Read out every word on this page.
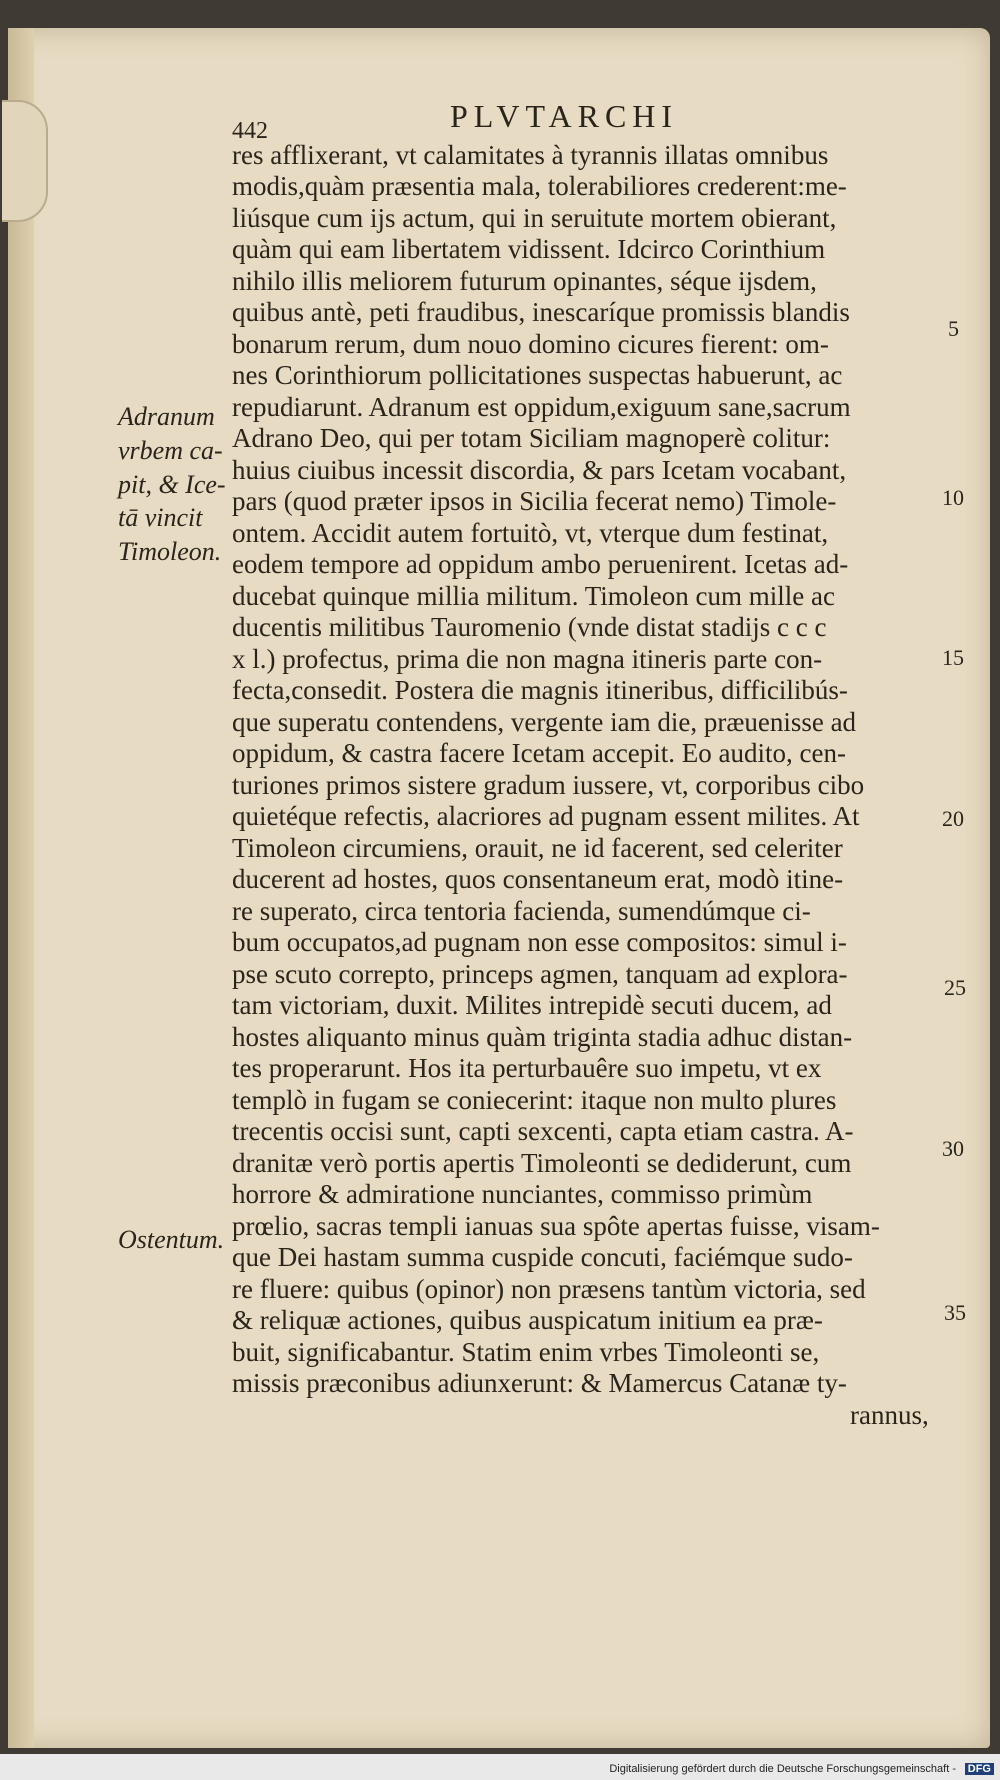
442	PLVTARCHI
res afflixerant, vt calamitates à tyrannis illatas omnibus
modis,quàm præsentia mala, tolerabiliores crederent:me-
liúsque cum ijs actum, qui in seruitute mortem obierant,
quàm qui eam libertatem vidissent. Idcirco Corinthium
nihilo illis meliorem futurum opinantes, séque ijsdem,
quibus antè, peti fraudibus, inescaríque promissis blandis
bonarum rerum, dum nouo domino cicures fierent: om-
nes Corinthiorum pollicitationes suspectas habuerunt, ac
repudiarunt. Adranum est oppidum,exiguum sane,sacrum
Adrano Deo, qui per totam Siciliam magnoperè colitur:
huius ciuibus incessit discordia, & pars Icetam vocabant,
pars (quod præter ipsos in Sicilia fecerat nemo) Timole-
ontem. Accidit autem fortuitò, vt, vterque dum festinat,
eodem tempore ad oppidum ambo peruenirent. Icetas ad-
ducebat quinque millia militum. Timoleon cum mille ac
ducentis militibus Tauromenio (vnde distat stadijs c c c
x l.) profectus, prima die non magna itineris parte con-
fecta,consedit. Postera die magnis itineribus, difficilibús-
que superatu contendens, vergente iam die, præuenisse ad
oppidum, & castra facere Icetam accepit. Eo audito, cen-
turiones primos sistere gradum iussere, vt, corporibus cibo
quietéque refectis, alacriores ad pugnam essent milites. At
Timoleon circumiens, orauit, ne id facerent, sed celeriter
ducerent ad hostes, quos consentaneum erat, modò itine-
re superato, circa tentoria facienda, sumendúmque ci-
bum occupatos,ad pugnam non esse compositos: simul i-
pse scuto correpto, princeps agmen, tanquam ad explora-
tam victoriam, duxit. Milites intrepidè secuti ducem, ad
hostes aliquanto minus quàm triginta stadia adhuc distan-
tes properarunt. Hos ita perturbauêre suo impetu, vt ex
templò in fugam se coniecerint: itaque non multo plures
trecentis occisi sunt, capti sexcenti, capta etiam castra. A-
dranitæ verò portis apertis Timoleonti se dediderunt, cum
horrore & admiratione nunciantes, commisso primùm
prœlio, sacras templi ianuas sua spôte apertas fuisse, visam-
que Dei hastam summa cuspide concuti, faciémque sudo-
re fluere: quibus (opinor) non præsens tantùm victoria, sed
& reliquæ actiones, quibus auspicatum initium ea præ-
buit, significabantur. Statim enim vrbes Timoleonti se,
missis præconibus adiunxerunt: & Mamercus Catanæ ty-
rannus,
Adranum
vrbem ca-
pit, & Ice-
tā vincit
Timoleon.
Ostentum.
5
10
15
20
25
30
35
Digitalisierung gefördert durch die Deutsche Forschungsgemeinschaft - DFG
